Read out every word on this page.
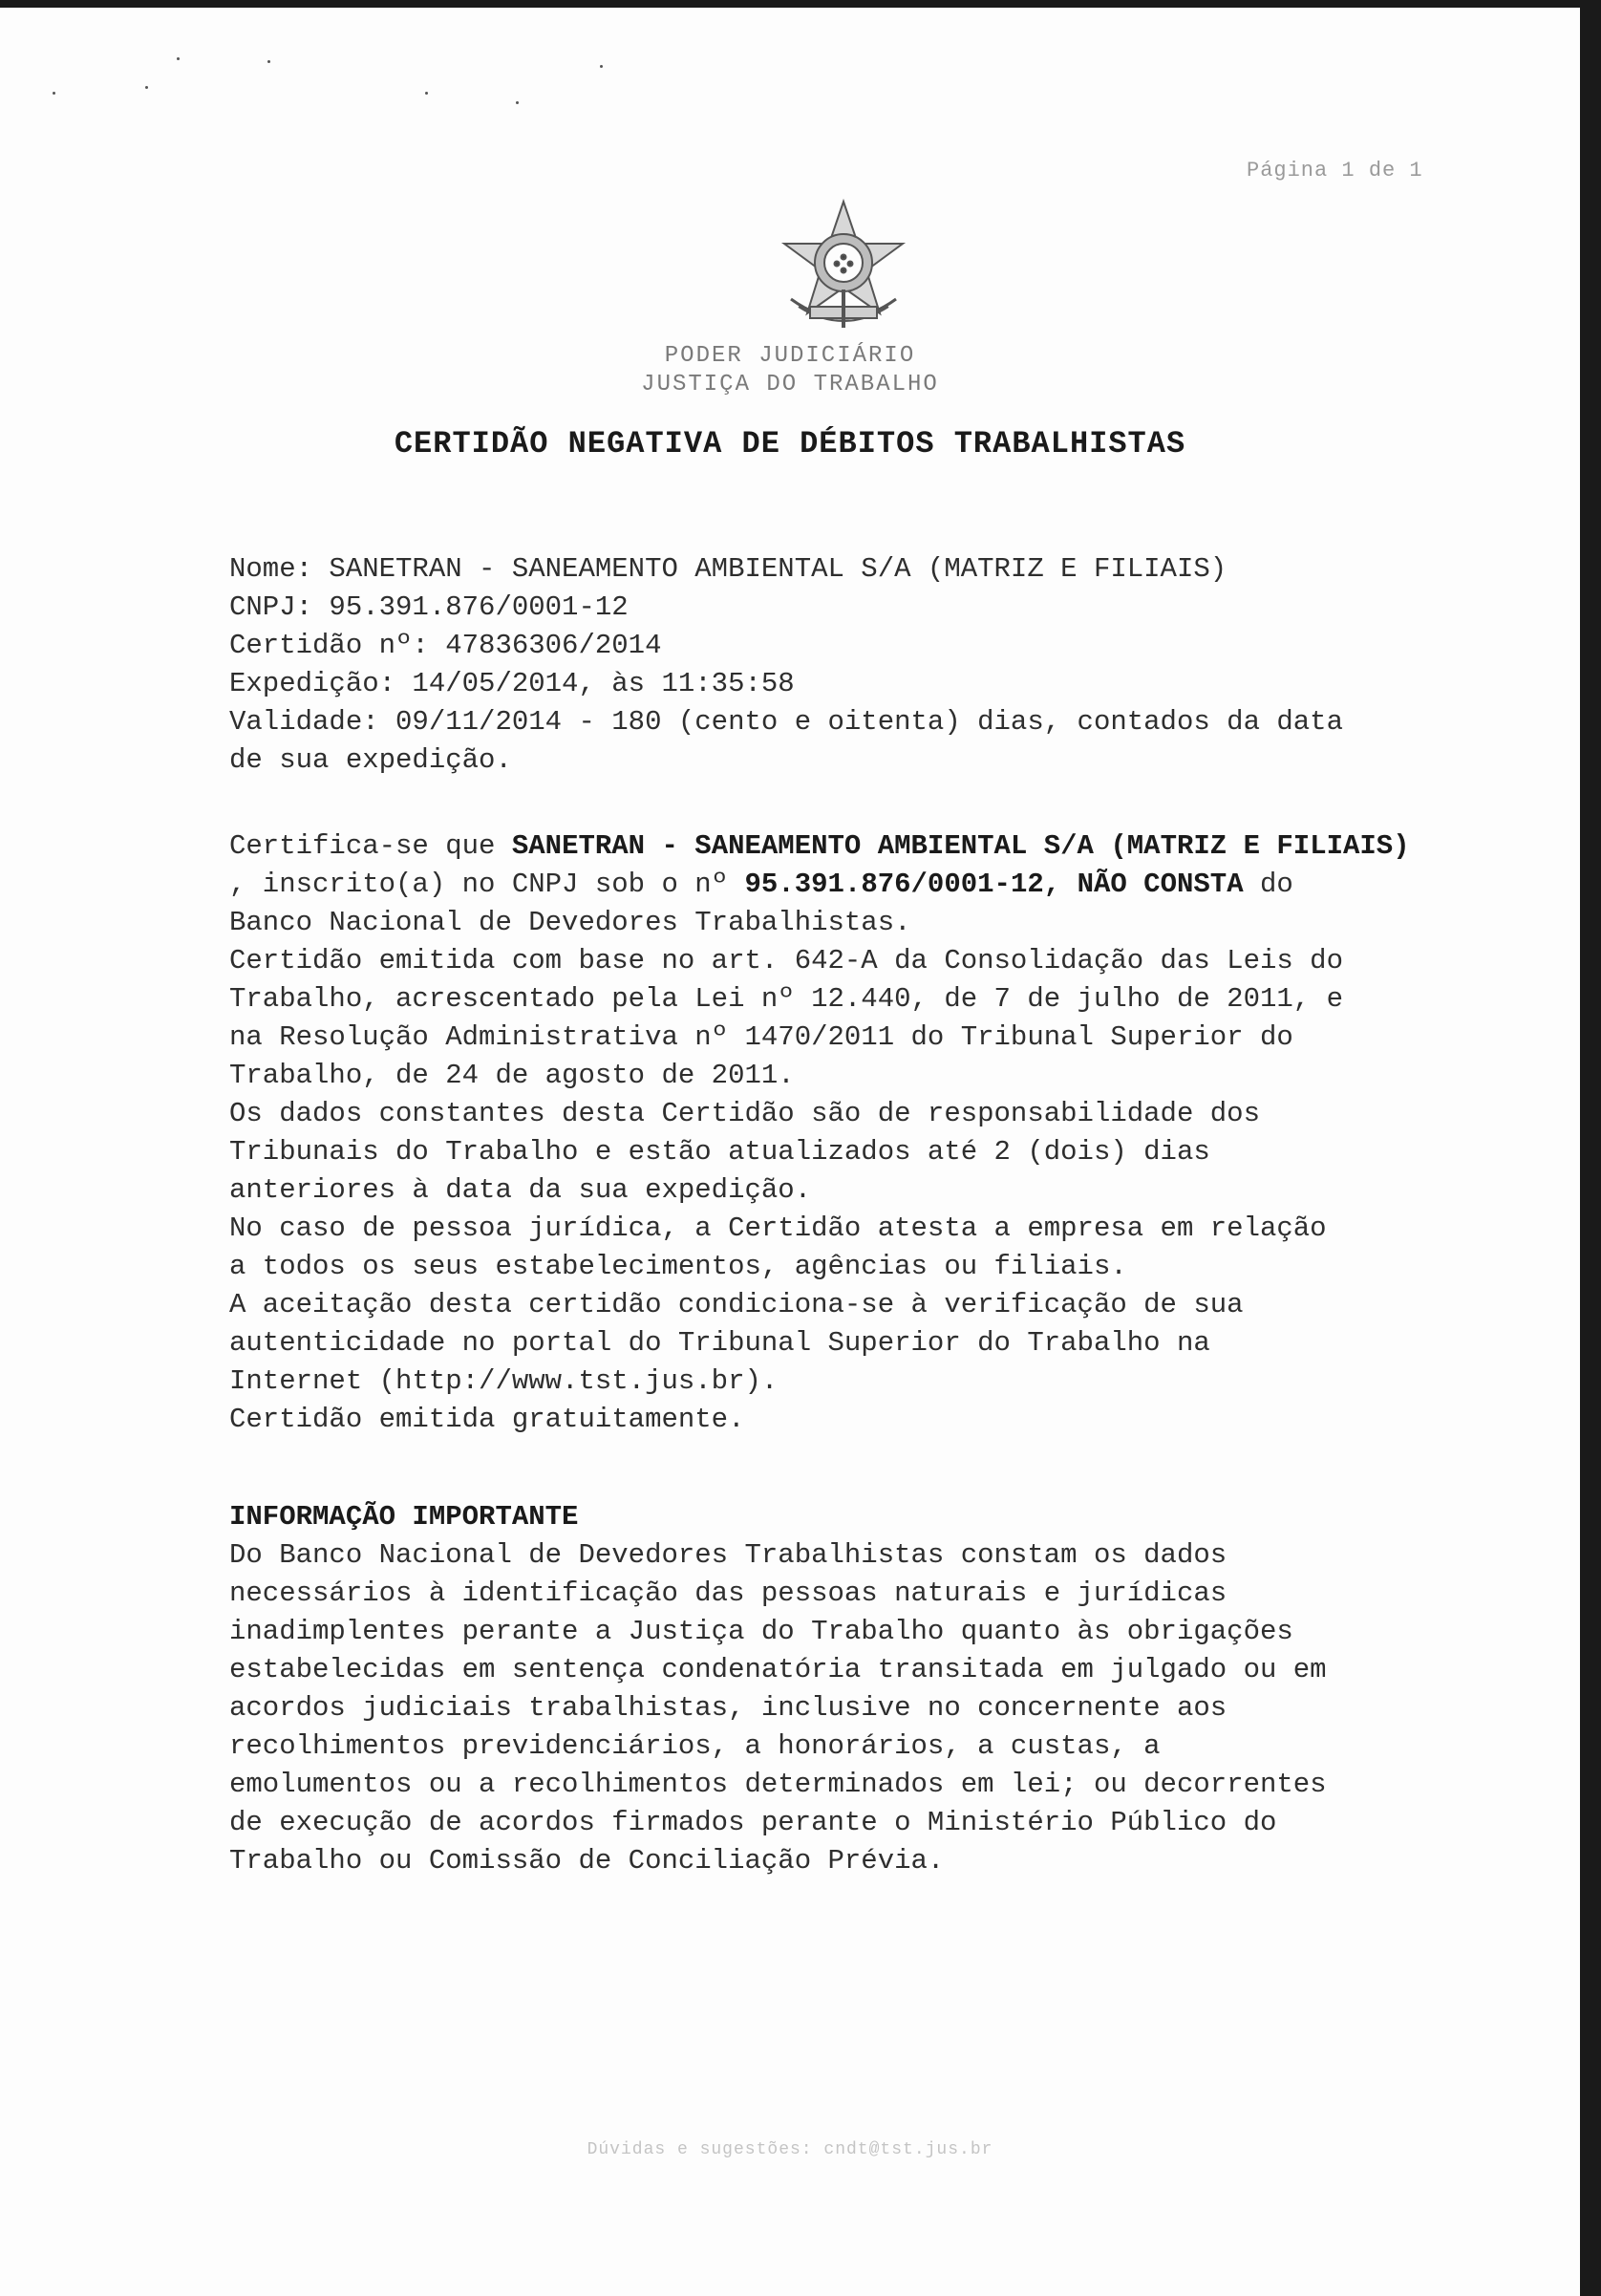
Página 1 de 1
PODER JUDICIÁRIO
JUSTIÇA DO TRABALHO
CERTIDÃO NEGATIVA DE DÉBITOS TRABALHISTAS
Nome: SANETRAN - SANEAMENTO AMBIENTAL S/A (MATRIZ E FILIAIS)
CNPJ: 95.391.876/0001-12
Certidão nº: 47836306/2014
Expedição: 14/05/2014, às 11:35:58
Validade: 09/11/2014 - 180 (cento e oitenta) dias, contados da data
de sua expedição.
Certifica-se que SANETRAN - SANEAMENTO AMBIENTAL S/A (MATRIZ E FILIAIS)
, inscrito(a) no CNPJ sob o nº 95.391.876/0001-12, NÃO CONSTA do
Banco Nacional de Devedores Trabalhistas.
Certidão emitida com base no art. 642-A da Consolidação das Leis do
Trabalho, acrescentado pela Lei nº 12.440, de 7 de julho de 2011, e
na Resolução Administrativa nº 1470/2011 do Tribunal Superior do
Trabalho, de 24 de agosto de 2011.
Os dados constantes desta Certidão são de responsabilidade dos
Tribunais do Trabalho e estão atualizados até 2 (dois) dias
anteriores à data da sua expedição.
No caso de pessoa jurídica, a Certidão atesta a empresa em relação
a todos os seus estabelecimentos, agências ou filiais.
A aceitação desta certidão condiciona-se à verificação de sua
autenticidade no portal do Tribunal Superior do Trabalho na
Internet (http://www.tst.jus.br).
Certidão emitida gratuitamente.
INFORMAÇÃO IMPORTANTE
Do Banco Nacional de Devedores Trabalhistas constam os dados
necessários à identificação das pessoas naturais e jurídicas
inadimplentes perante a Justiça do Trabalho quanto às obrigações
estabelecidas em sentença condenatória transitada em julgado ou em
acordos judiciais trabalhistas, inclusive no concernente aos
recolhimentos previdenciários, a honorários, a custas, a
emolumentos ou a recolhimentos determinados em lei; ou decorrentes
de execução de acordos firmados perante o Ministério Público do
Trabalho ou Comissão de Conciliação Prévia.
Dúvidas e sugestões: cndt@tst.jus.br
